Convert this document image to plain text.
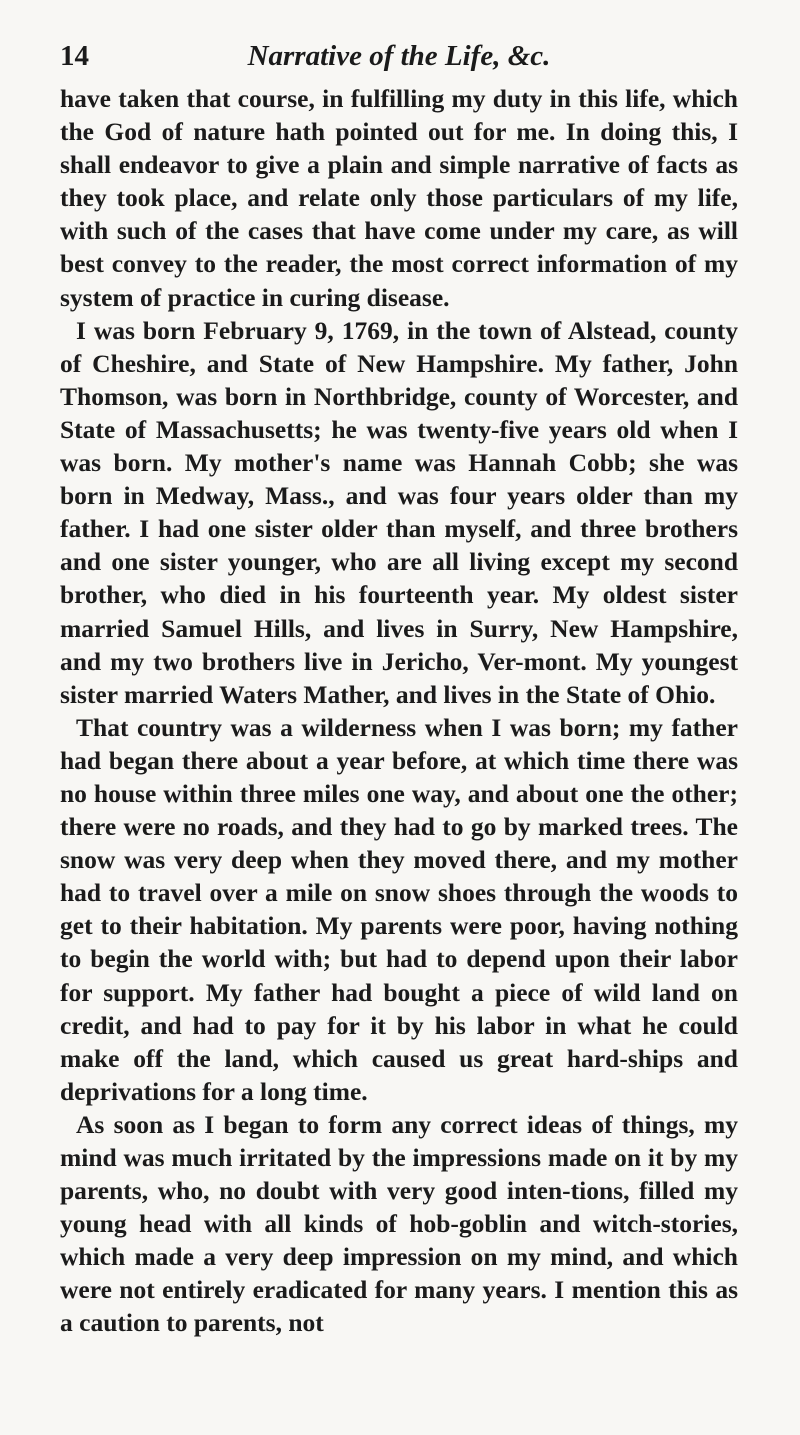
14	Narrative of the Life, &c.

have taken that course, in fulfilling my duty in this life, which the God of nature hath pointed out for me. In doing this, I shall endeavor to give a plain and simple narrative of facts as they took place, and relate only those particulars of my life, with such of the cases that have come under my care, as will best convey to the reader, the most correct information of my system of practice in curing disease.

I was born February 9, 1769, in the town of Alstead, county of Cheshire, and State of New Hampshire. My father, John Thomson, was born in Northbridge, county of Worcester, and State of Massachusetts; he was twenty-five years old when I was born. My mother's name was Hannah Cobb; she was born in Medway, Mass., and was four years older than my father. I had one sister older than myself, and three brothers and one sister younger, who are all living except my second brother, who died in his fourteenth year. My oldest sister married Samuel Hills, and lives in Surry, New Hampshire, and my two brothers live in Jericho, Ver-mont. My youngest sister married Waters Mather, and lives in the State of Ohio.

That country was a wilderness when I was born; my father had began there about a year before, at which time there was no house within three miles one way, and about one the other; there were no roads, and they had to go by marked trees. The snow was very deep when they moved there, and my mother had to travel over a mile on snow shoes through the woods to get to their habitation. My parents were poor, having nothing to begin the world with; but had to depend upon their labor for support. My father had bought a piece of wild land on credit, and had to pay for it by his labor in what he could make off the land, which caused us great hard-ships and deprivations for a long time.

As soon as I began to form any correct ideas of things, my mind was much irritated by the impressions made on it by my parents, who, no doubt with very good inten-tions, filled my young head with all kinds of hob-goblin and witch-stories, which made a very deep impression on my mind, and which were not entirely eradicated for many years. I mention this as a caution to parents, not
